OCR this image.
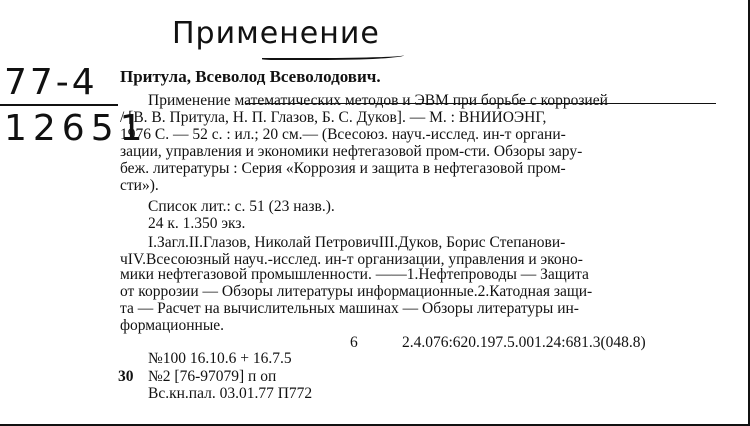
Применение
77-4
12651
Притула, Всеволод Всеволодович.
Применение математических методов и ЭВМ при борьбе с коррозией
/ [В. В. Притула, Н. П. Глазов, Б. С. Дуков]. — М. : ВНИИОЭНГ,
1976 С. — 52 с. : ил.; 20 см.— (Всесоюз. науч.-исслед. ин-т органи-
зации, управления и экономики нефтегазовой пром-сти. Обзоры зару-
беж. литературы : Серия «Коррозия и защита в нефтегазовой пром-
сти»).
Список лит.: с. 51 (23 назв.).
24 к. 1.350 экз.
I.Загл.II.Глазов, Николай ПетровичIII.Дуков, Борис Степанови-
чIV.Всесоюзный науч.-исслед. ин-т организации, управления и эконо-
мики нефтегазовой промышленности. ——1.Нефтепроводы — Защита
от коррозии — Обзоры литературы информационные.2.Катодная защи-
та — Расчет на вычислительных машинах — Обзоры литературы ин-
формационные.
6	2.4.076:620.197.5.001.24:681.3(048.8)
№100 16.10.6 + 16.7.5
30 №2 [76-97079] п оп
Вс.кн.пал. 03.01.77 П772
